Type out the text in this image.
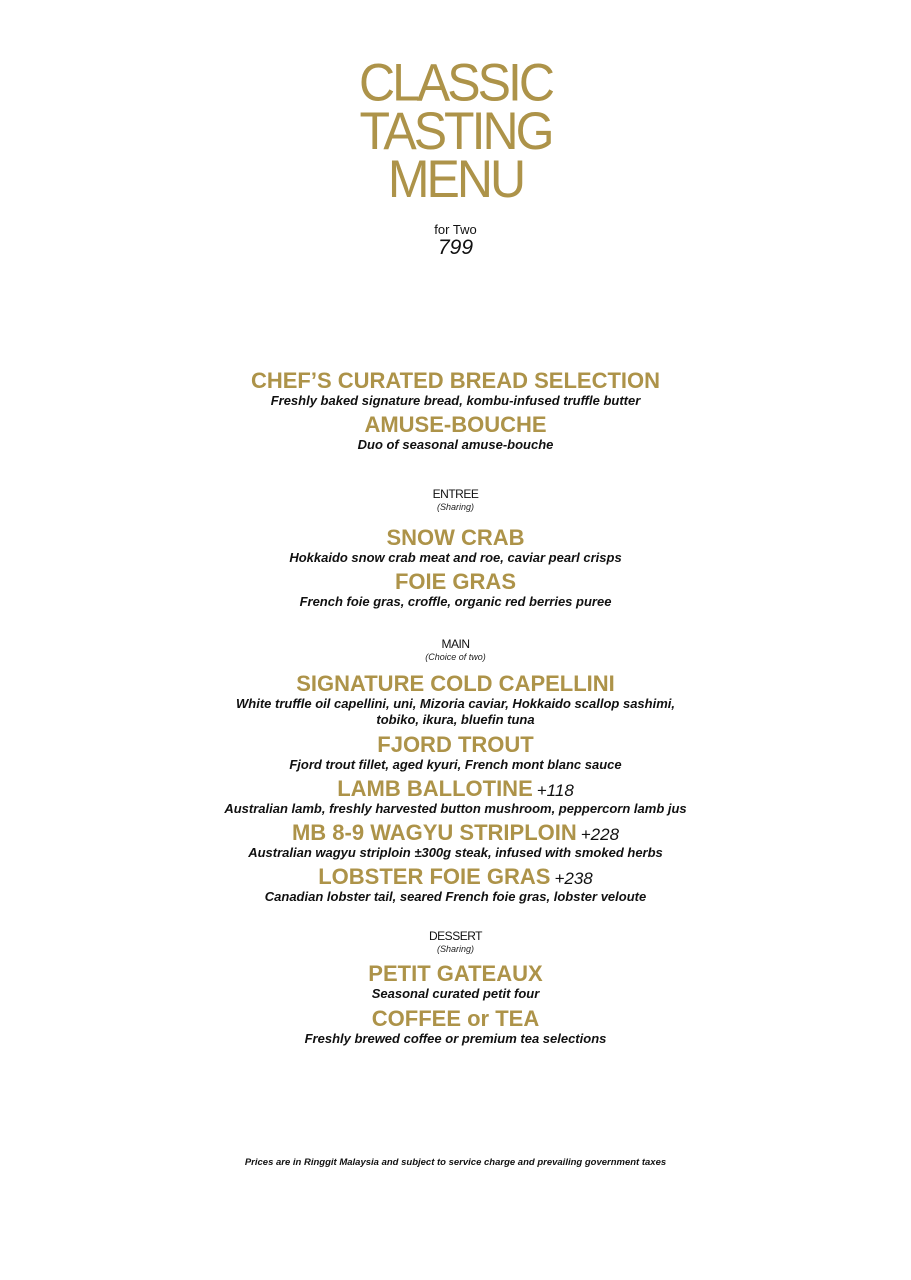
CLASSIC
TASTING
MENU
for Two
799
CHEF’S CURATED BREAD SELECTION
Freshly baked signature bread, kombu-infused truffle butter
AMUSE-BOUCHE
Duo of seasonal amuse-bouche
ENTREE
(Sharing)
SNOW CRAB
Hokkaido snow crab meat and roe, caviar pearl crisps
FOIE GRAS
French foie gras, croffle, organic red berries puree
MAIN
(Choice of two)
SIGNATURE COLD CAPELLINI
White truffle oil capellini, uni, Mizoria caviar, Hokkaido scallop sashimi,
tobiko, ikura, bluefin tuna
FJORD TROUT
Fjord trout fillet, aged kyuri, French mont blanc sauce
LAMB BALLOTINE +118
Australian lamb, freshly harvested button mushroom, peppercorn lamb jus
MB 8-9 WAGYU STRIPLOIN +228
Australian wagyu striploin ±300g steak, infused with smoked herbs
LOBSTER FOIE GRAS +238
Canadian lobster tail, seared French foie gras, lobster veloute
DESSERT
(Sharing)
PETIT GATEAUX
Seasonal curated petit four
COFFEE or TEA
Freshly brewed coffee or premium tea selections
Prices are in Ringgit Malaysia and subject to service charge and prevailing government taxes
